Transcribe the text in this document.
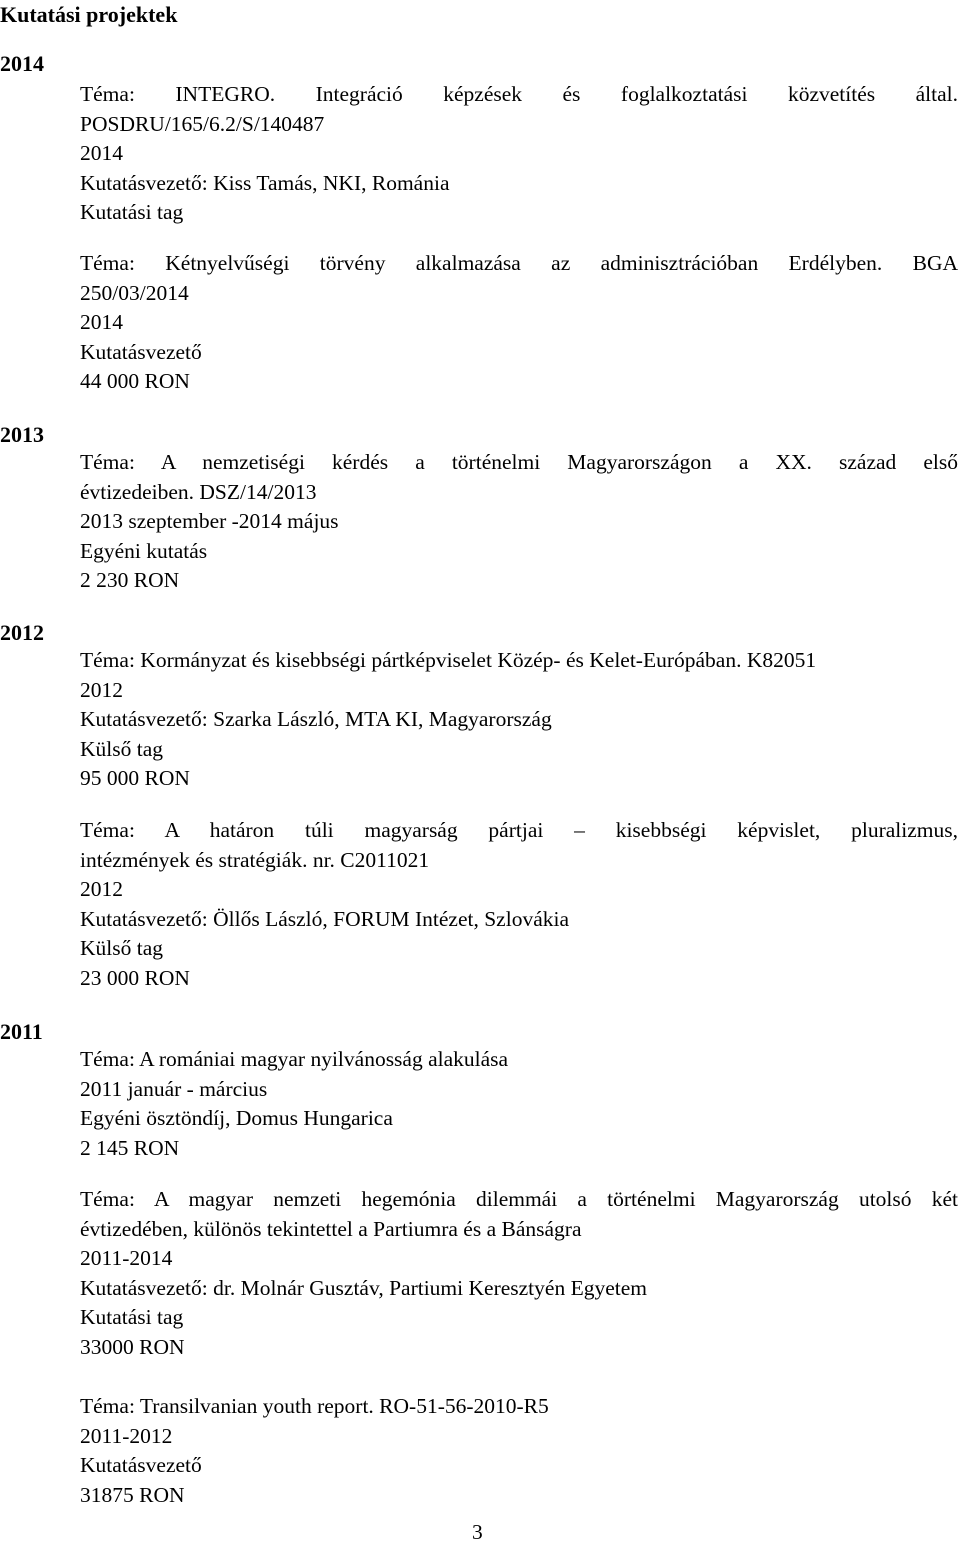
Kutatási projektek
2014
2013
2012
2011
Téma: INTEGRO. Integráció képzések és foglalkoztatási közvetítés által.
POSDRU/165/6.2/S/140487
2014
Kutatásvezető: Kiss Tamás, NKI, Románia
Kutatási tag
Téma: Kétnyelvűségi törvény alkalmazása az adminisztrációban Erdélyben. BGA
250/03/2014
2014
Kutatásvezető
44 000 RON
Téma: A nemzetiségi kérdés a történelmi Magyarországon a XX. század első
évtizedeiben. DSZ/14/2013
2013 szeptember -2014 május
Egyéni kutatás
2 230 RON
Téma: Kormányzat és kisebbségi pártképviselet Közép- és Kelet-Európában. K82051
2012
Kutatásvezető: Szarka László, MTA KI, Magyarország
Külső tag
95 000 RON
Téma: A határon túli magyarság pártjai – kisebbségi képvislet, pluralizmus,
intézmények és stratégiák. nr. C2011021
2012
Kutatásvezető: Öllős László, FORUM Intézet, Szlovákia
Külső tag
23 000 RON
Téma: A romániai magyar nyilvánosság alakulása
2011 január - március
Egyéni ösztöndíj, Domus Hungarica
2 145 RON
Téma: A magyar nemzeti hegemónia dilemmái a történelmi Magyarország utolsó két
évtizedében, különös tekintettel a Partiumra és a Bánságra
2011-2014
Kutatásvezető: dr. Molnár Gusztáv, Partiumi Keresztyén Egyetem
Kutatási tag
33000 RON
Téma: Transilvanian youth report. RO-51-56-2010-R5
2011-2012
Kutatásvezető
31875 RON
3
